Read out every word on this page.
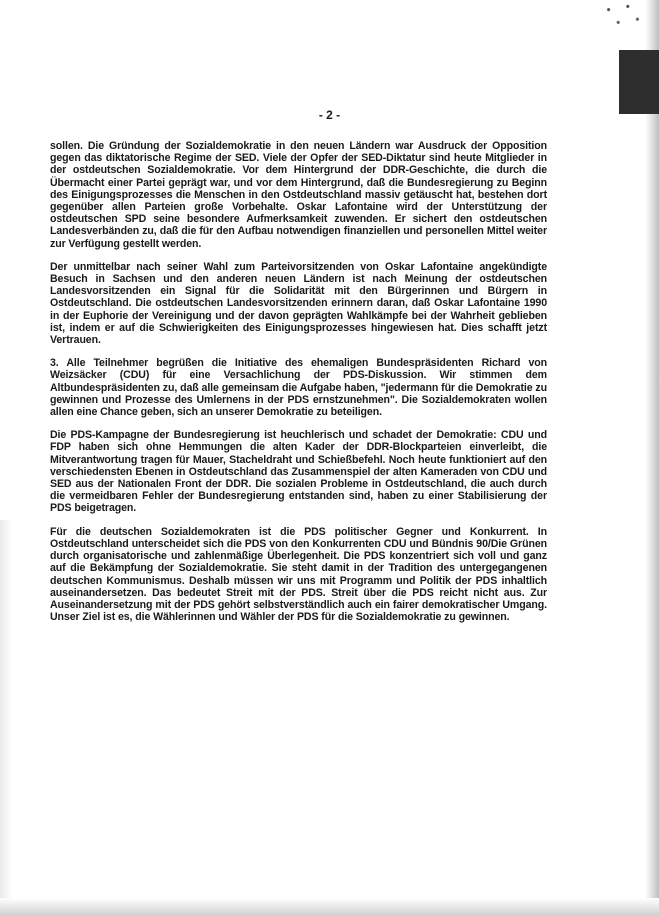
- 2 -

sollen. Die Gründung der Sozialdemokratie in den neuen Ländern war Ausdruck der Opposition gegen das diktatorische Regime der SED. Viele der Opfer der SED-Diktatur sind heute Mitglieder in der ostdeutschen Sozialdemokratie. Vor dem Hintergrund der DDR-Geschichte, die durch die Übermacht einer Partei geprägt war, und vor dem Hintergrund, daß die Bundesregierung zu Beginn des Einigungsprozesses die Menschen in den Ostdeutschland massiv getäuscht hat, bestehen dort gegenüber allen Parteien große Vorbehalte. Oskar Lafontaine wird der Unterstützung der ostdeutschen SPD seine besondere Aufmerksamkeit zuwenden. Er sichert den ostdeutschen Landesverbänden zu, daß die für den Aufbau notwendigen finanziellen und personellen Mittel weiter zur Verfügung gestellt werden.

Der unmittelbar nach seiner Wahl zum Parteivorsitzenden von Oskar Lafontaine angekündigte Besuch in Sachsen und den anderen neuen Ländern ist nach Meinung der ostdeutschen Landesvorsitzenden ein Signal für die Solidarität mit den Bürgerinnen und Bürgern in Ostdeutschland. Die ostdeutschen Landesvorsitzenden erinnern daran, daß Oskar Lafontaine 1990 in der Euphorie der Vereinigung und der davon geprägten Wahlkämpfe bei der Wahrheit geblieben ist, indem er auf die Schwierigkeiten des Einigungsprozesses hingewiesen hat. Dies schafft jetzt Vertrauen.

3. Alle Teilnehmer begrüßen die Initiative des ehemaligen Bundespräsidenten Richard von Weizsäcker (CDU) für eine Versachlichung der PDS-Diskussion. Wir stimmen dem Altbundespräsidenten zu, daß alle gemeinsam die Aufgabe haben, "jedermann für die Demokratie zu gewinnen und Prozesse des Umlernens in der PDS ernstzunehmen". Die Sozialdemokraten wollen allen eine Chance geben, sich an unserer Demokratie zu beteiligen.

Die PDS-Kampagne der Bundesregierung ist heuchlerisch und schadet der Demokratie: CDU und FDP haben sich ohne Hemmungen die alten Kader der DDR-Blockparteien einverleibt, die Mitverantwortung tragen für Mauer, Stacheldraht und Schießbefehl. Noch heute funktioniert auf den verschiedensten Ebenen in Ostdeutschland das Zusammenspiel der alten Kameraden von CDU und SED aus der Nationalen Front der DDR. Die sozialen Probleme in Ostdeutschland, die auch durch die vermeidbaren Fehler der Bundesregierung entstanden sind, haben zu einer Stabilisierung der PDS beigetragen.

Für die deutschen Sozialdemokraten ist die PDS politischer Gegner und Konkurrent. In Ostdeutschland unterscheidet sich die PDS von den Konkurrenten CDU und Bündnis 90/Die Grünen durch organisatorische und zahlenmäßige Überlegenheit. Die PDS konzentriert sich voll und ganz auf die Bekämpfung der Sozialdemokratie. Sie steht damit in der Tradition des untergegangenen deutschen Kommunismus. Deshalb müssen wir uns mit Programm und Politik der PDS inhaltlich auseinandersetzen. Das bedeutet Streit mit der PDS. Streit über die PDS reicht nicht aus. Zur Auseinandersetzung mit der PDS gehört selbstverständlich auch ein fairer demokratischer Umgang. Unser Ziel ist es, die Wählerinnen und Wähler der PDS für die Sozialdemokratie zu gewinnen.
